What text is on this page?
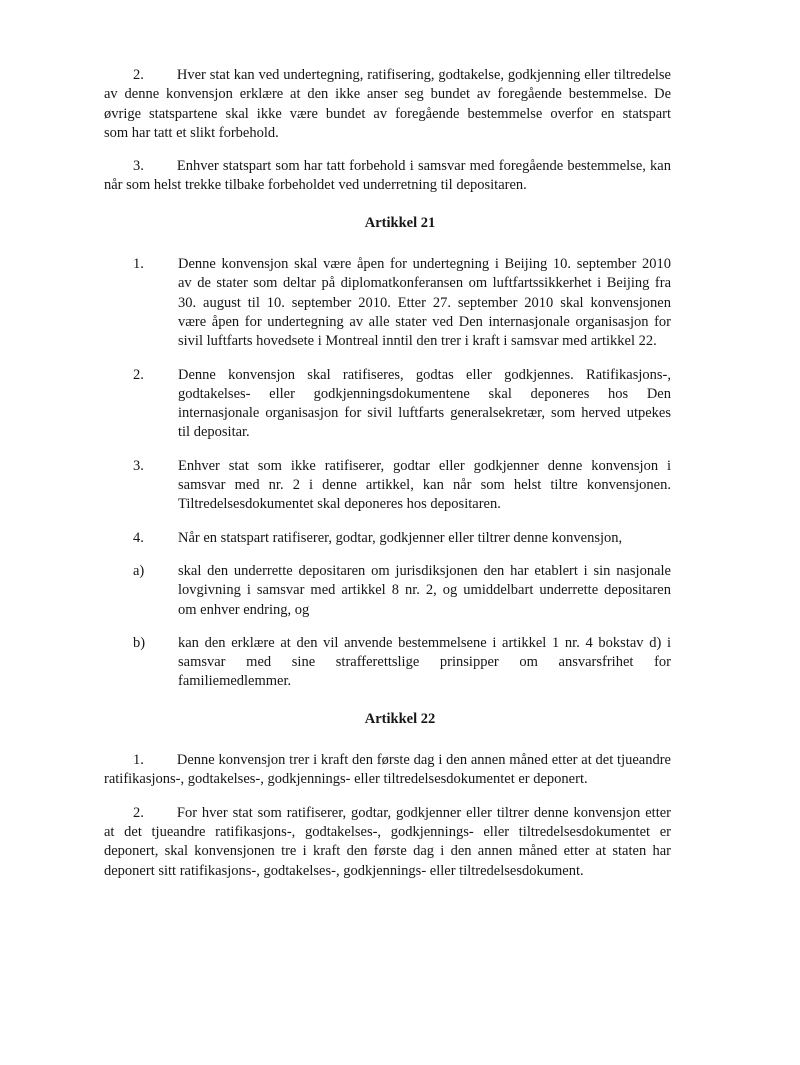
2. Hver stat kan ved undertegning, ratifisering, godtakelse, godkjenning eller tiltredelse
av denne konvensjon erklære at den ikke anser seg bundet av foregående bestemmelse. De
øvrige statspartene skal ikke være bundet av foregående bestemmelse overfor en statspart
som har tatt et slikt forbehold.
3. Enhver statspart som har tatt forbehold i samsvar med foregående bestemmelse, kan
når som helst trekke tilbake forbeholdet ved underretning til depositaren.
Artikkel 21
1. Denne konvensjon skal være åpen for undertegning i Beijing 10. september 2010
av de stater som deltar på diplomatkonferansen om luftfartssikkerhet i Beijing fra
30. august til 10. september 2010. Etter 27. september 2010 skal konvensjonen
være åpen for undertegning av alle stater ved Den internasjonale organisasjon for
sivil luftfarts hovedsete i Montreal inntil den trer i kraft i samsvar med artikkel 22.
2. Denne konvensjon skal ratifiseres, godtas eller godkjennes. Ratifikasjons-,
godtakelses- eller godkjenningsdokumentene skal deponeres hos Den
internasjonale organisasjon for sivil luftfarts generalsekretær, som herved utpekes
til depositar.
3. Enhver stat som ikke ratifiserer, godtar eller godkjenner denne konvensjon i
samsvar med nr. 2 i denne artikkel, kan når som helst tiltre konvensjonen.
Tiltredelsesdokumentet skal deponeres hos depositaren.
4. Når en statspart ratifiserer, godtar, godkjenner eller tiltrer denne konvensjon,
a) skal den underrette depositaren om jurisdiksjonen den har etablert i sin nasjonale
lovgivning i samsvar med artikkel 8 nr. 2, og umiddelbart underrette depositaren
om enhver endring, og
b) kan den erklære at den vil anvende bestemmelsene i artikkel 1 nr. 4 bokstav d) i
samsvar med sine strafferettslige prinsipper om ansvarsfrihet for
familiemedlemmer.
Artikkel 22
1. Denne konvensjon trer i kraft den første dag i den annen måned etter at det tjueandre
ratifikasjons-, godtakelses-, godkjennings- eller tiltredelsesdokumentet er deponert.
2. For hver stat som ratifiserer, godtar, godkjenner eller tiltrer denne konvensjon etter
at det tjueandre ratifikasjons-, godtakelses-, godkjennings- eller tiltredelsesdokumentet er
deponert, skal konvensjonen tre i kraft den første dag i den annen måned etter at staten har
deponert sitt ratifikasjons-, godtakelses-, godkjennings- eller tiltredelsesdokument.
